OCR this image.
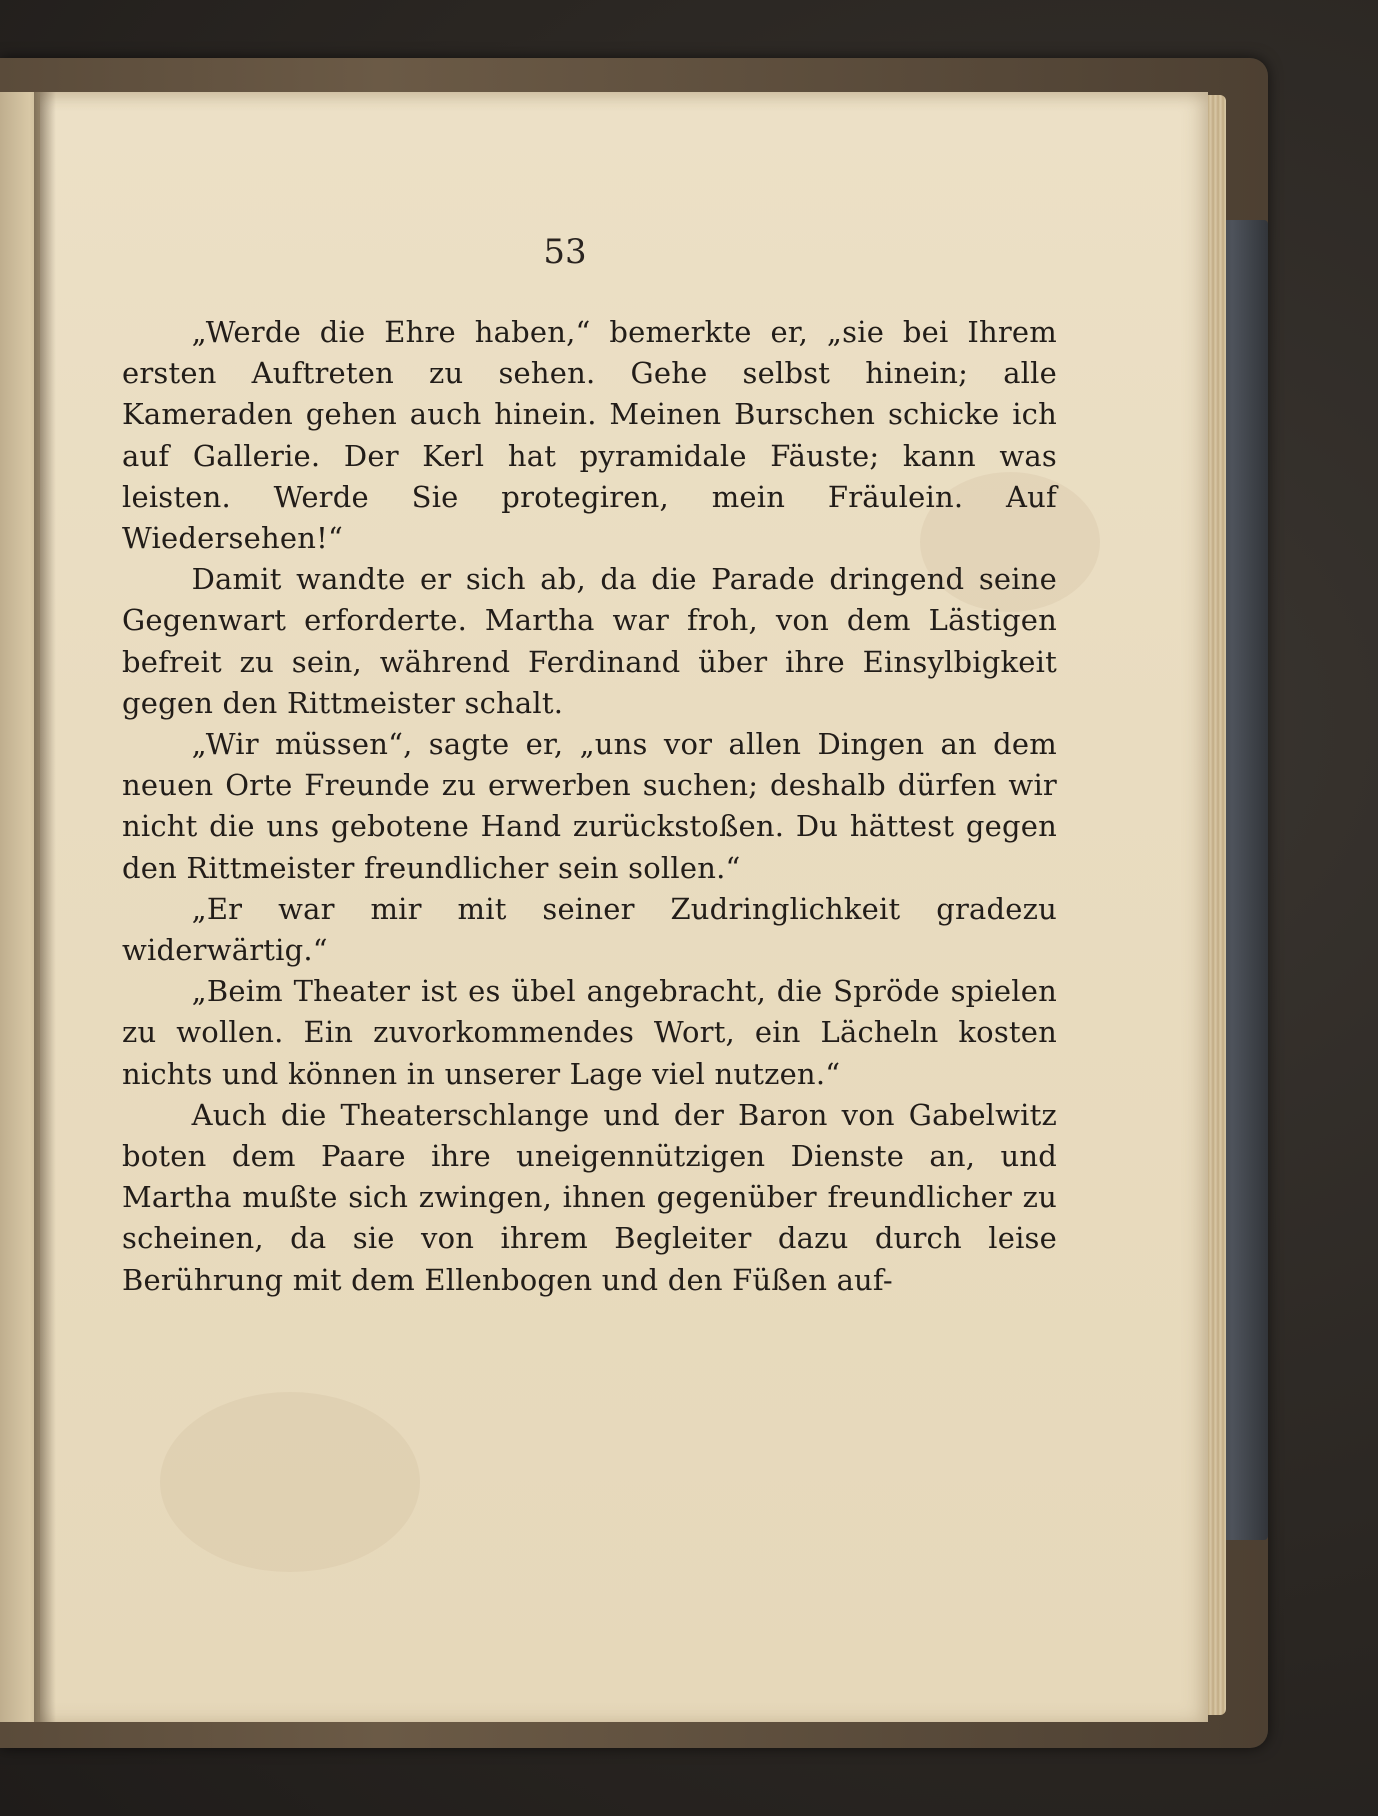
53

„Werde die Ehre haben,“ bemerkte er, „sie bei Ihrem ersten Auftreten zu sehen. Gehe selbst hinein; alle Kameraden gehen auch hinein. Meinen Burschen schicke ich auf Gallerie. Der Kerl hat pyramidale Fäuste; kann was leisten. Werde Sie protegiren, mein Fräulein. Auf Wiedersehen!“

Damit wandte er sich ab, da die Parade dringend seine Gegenwart erforderte. Martha war froh, von dem Lästigen befreit zu sein, während Ferdinand über ihre Einsylbigkeit gegen den Rittmeister schalt.

„Wir müssen“, sagte er, „uns vor allen Dingen an dem neuen Orte Freunde zu erwerben suchen; deshalb dürfen wir nicht die uns gebotene Hand zurückstoßen. Du hättest gegen den Rittmeister freundlicher sein sollen.“

„Er war mir mit seiner Zudringlichkeit gradezu widerwärtig.“

„Beim Theater ist es übel angebracht, die Spröde spielen zu wollen. Ein zuvorkommendes Wort, ein Lächeln kosten nichts und können in unserer Lage viel nutzen.“

Auch die Theaterschlange und der Baron von Gabelwitz boten dem Paare ihre uneigennützigen Dienste an, und Martha mußte sich zwingen, ihnen gegenüber freundlicher zu scheinen, da sie von ihrem Begleiter dazu durch leise Berührung mit dem Ellenbogen und den Füßen auf-
